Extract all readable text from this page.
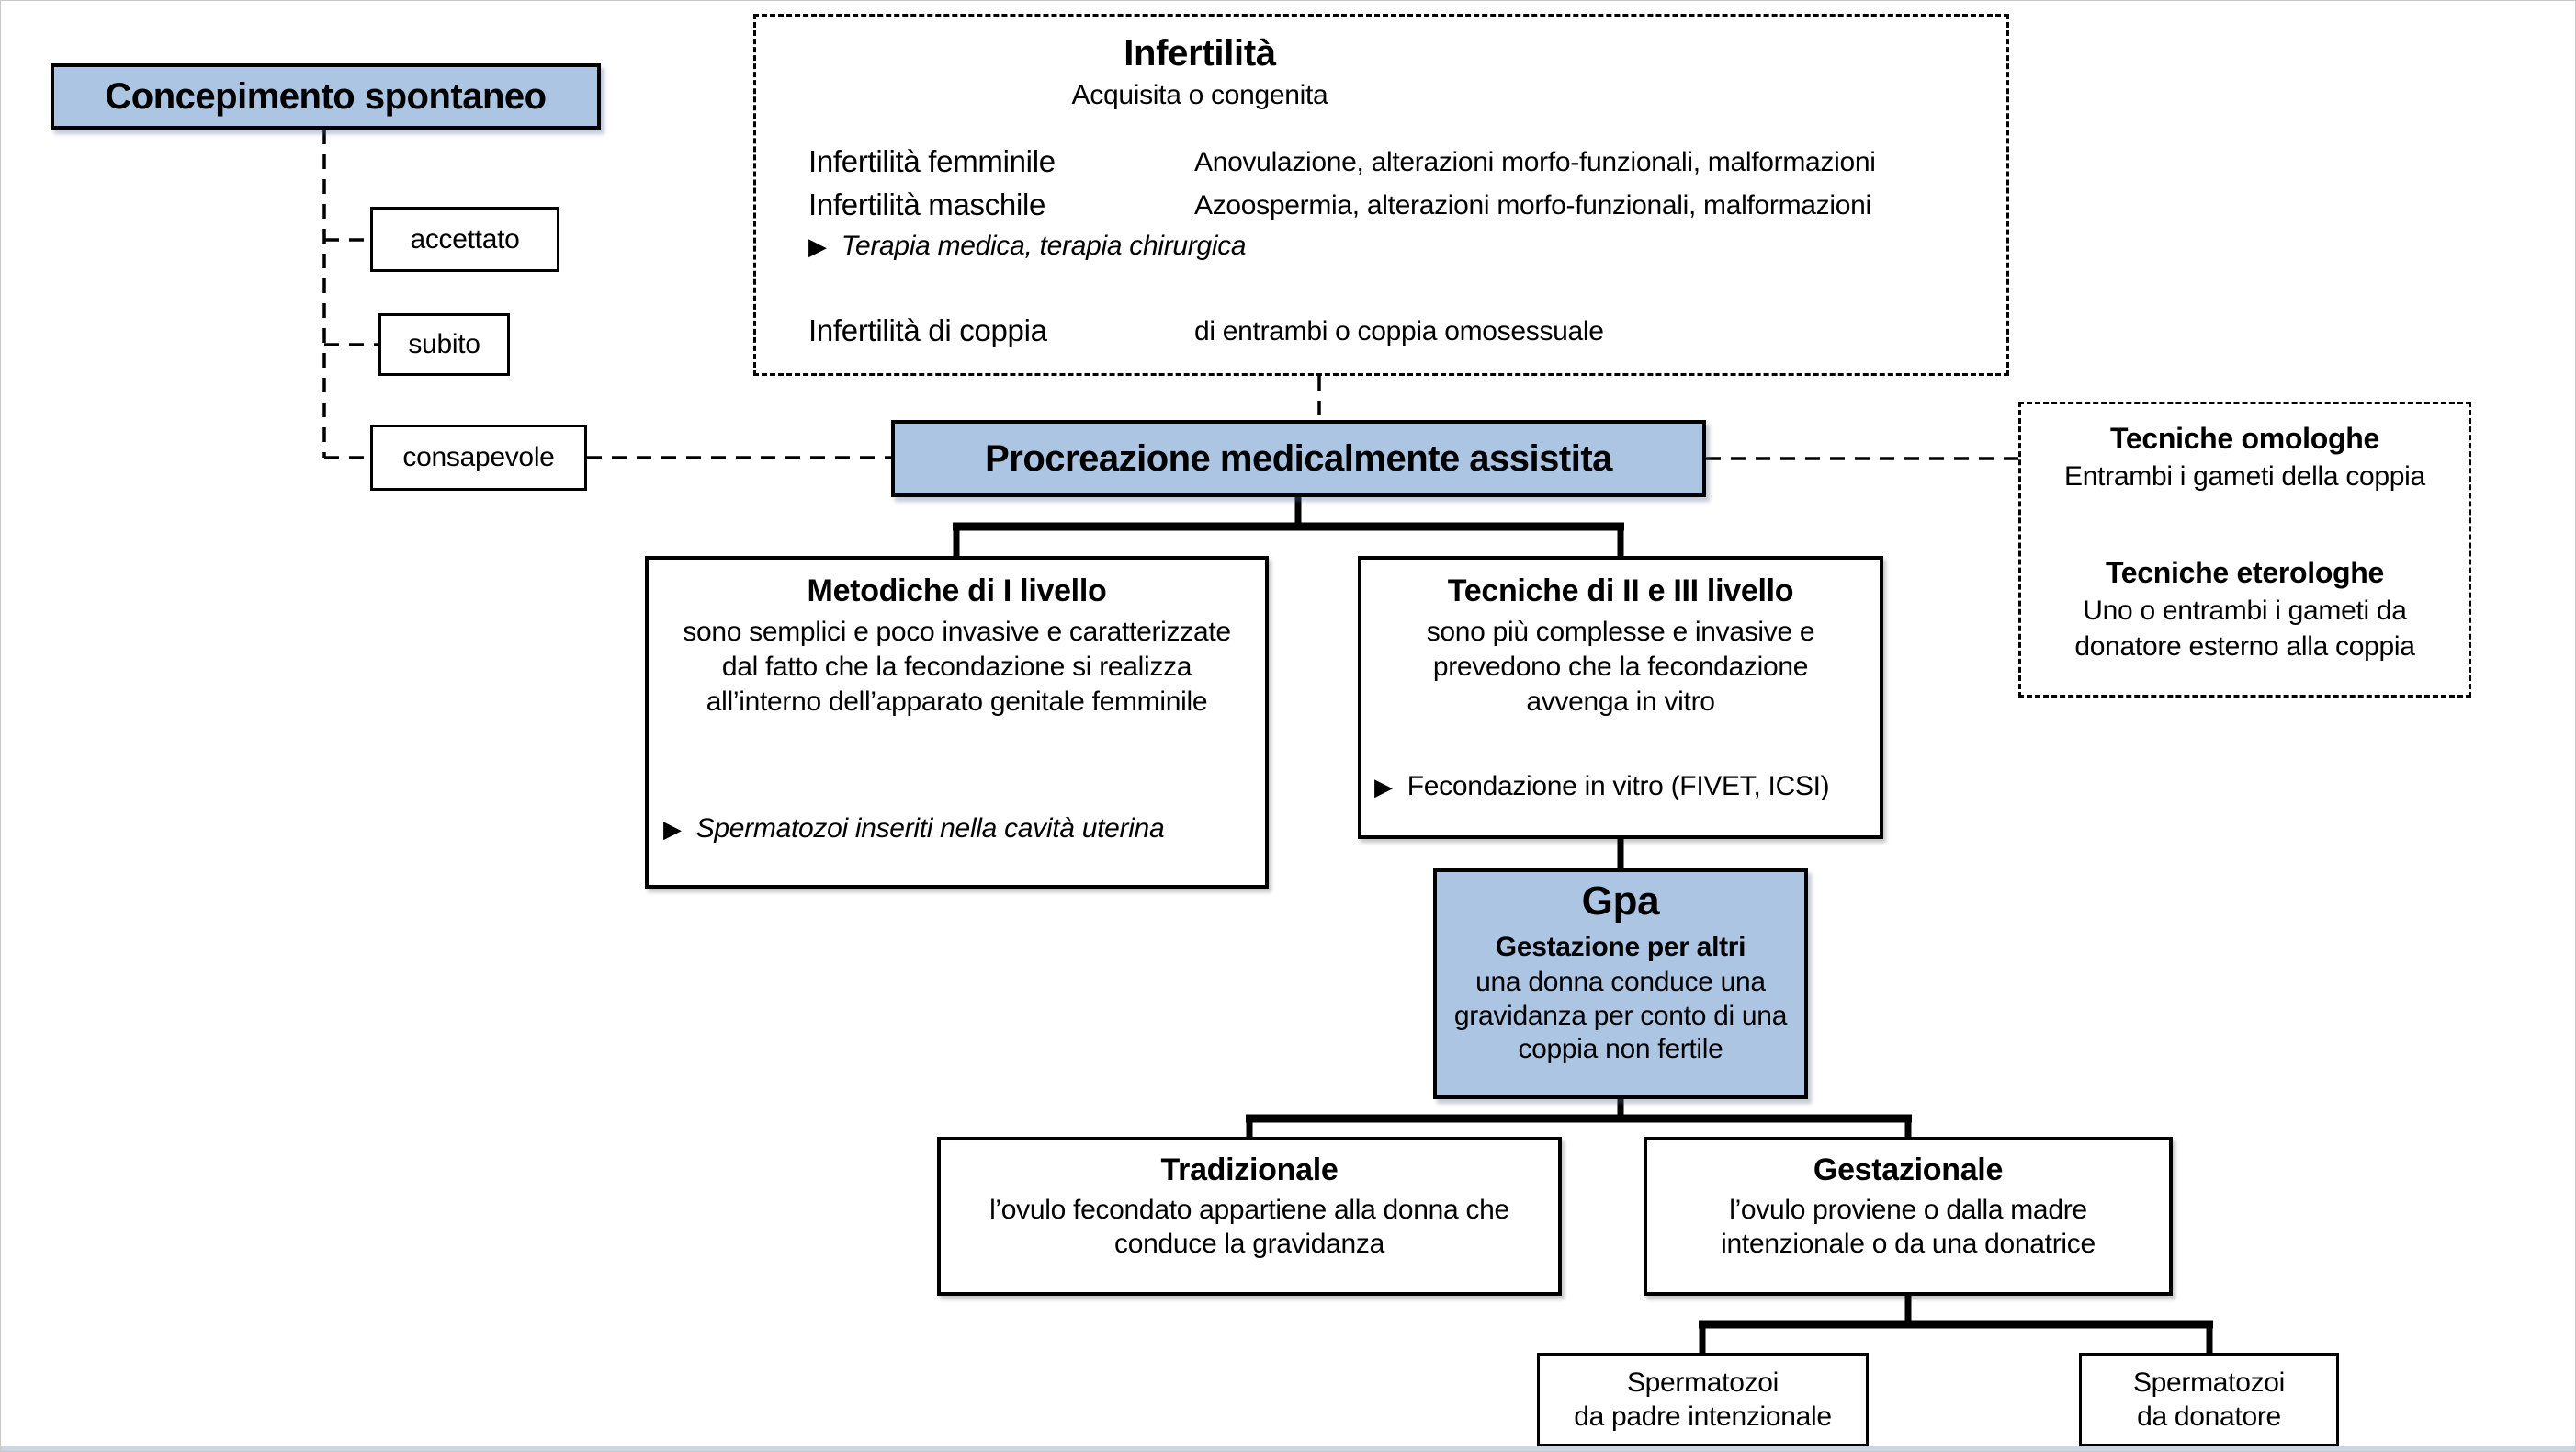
Concepimento spontaneo
accettato
subito
consapevole
Infertilità
Acquisita o congenita
Infertilità femminile	Anovulazione, alterazioni morfo-funzionali, malformazioni
Infertilità maschile	Azoospermia, alterazioni morfo-funzionali, malformazioni
▶ Terapia medica, terapia chirurgica
Infertilità di coppia	di entrambi o coppia omosessuale
Procreazione medicalmente assistita	Tecniche omologhe
Entrambi i gameti della coppia
Tecniche eterologhe
Uno o entrambi i gameti da donatore esterno alla coppia
Metodiche di I livello
sono semplici e poco invasive e caratterizzate dal fatto che la fecondazione si realizza all’interno dell’apparato genitale femminile
▶ Spermatozoi inseriti nella cavità uterina
Tecniche di II e III livello
sono più complesse e invasive e prevedono che la fecondazione avvenga in vitro
▶ Fecondazione in vitro (FIVET, ICSI)
Gpa
Gestazione per altri
una donna conduce una gravidanza per conto di una coppia non fertile
Tradizionale
l’ovulo fecondato appartiene alla donna che conduce la gravidanza
Gestazionale
l’ovulo proviene o dalla madre intenzionale o da una donatrice
Spermatozoi
da padre intenzionale
Spermatozoi
da donatore
